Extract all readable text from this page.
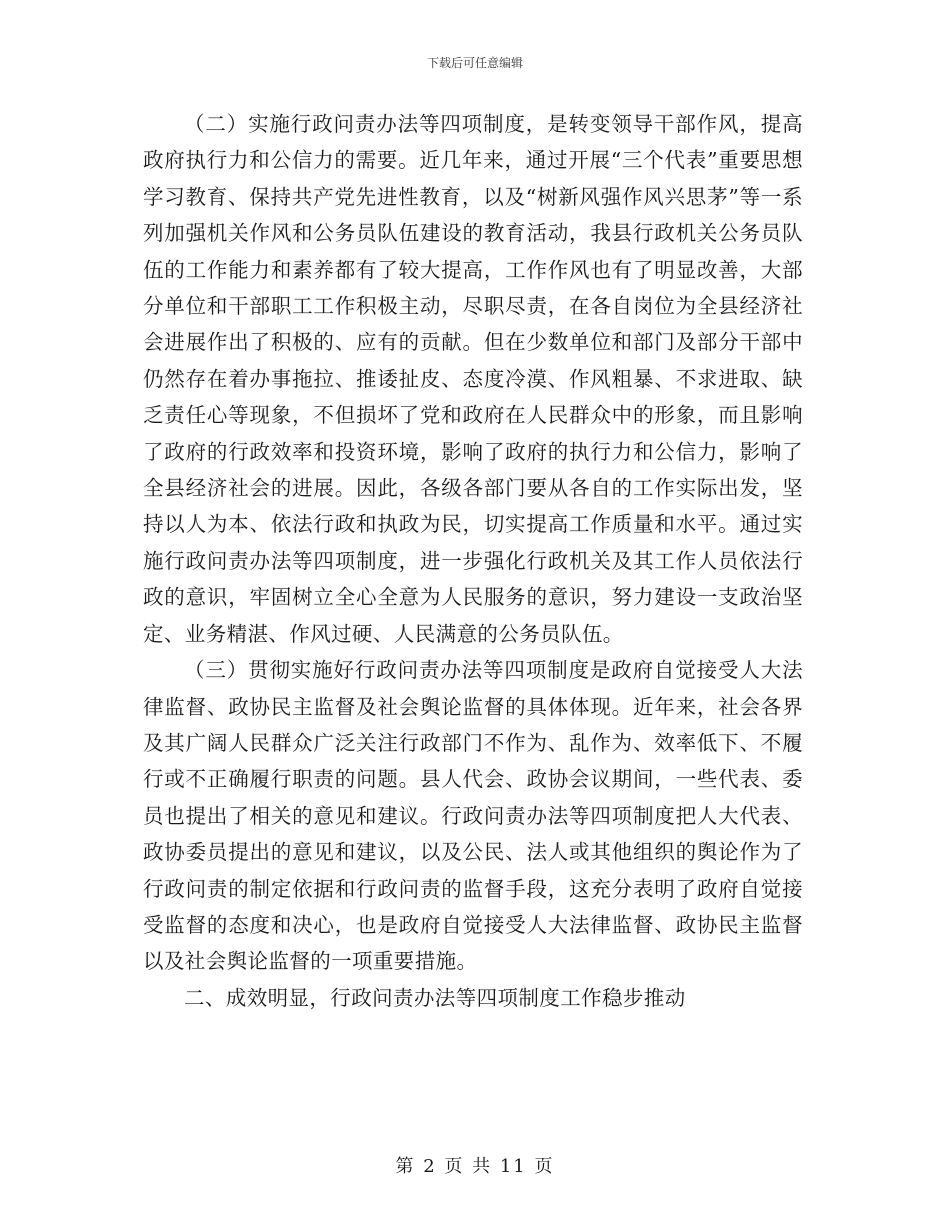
下载后可任意编辑

（二）实施行政问责办法等四项制度，是转变领导干部作风，提高政府执行力和公信力的需要。近几年来，通过开展“三个代表”重要思想学习教育、保持共产党先进性教育，以及“树新风强作风兴思茅”等一系列加强机关作风和公务员队伍建设的教育活动，我县行政机关公务员队伍的工作能力和素养都有了较大提高，工作作风也有了明显改善，大部分单位和干部职工工作积极主动，尽职尽责，在各自岗位为全县经济社会进展作出了积极的、应有的贡献。但在少数单位和部门及部分干部中仍然存在着办事拖拉、推诿扯皮、态度冷漠、作风粗暴、不求进取、缺乏责任心等现象，不但损坏了党和政府在人民群众中的形象，而且影响了政府的行政效率和投资环境，影响了政府的执行力和公信力，影响了全县经济社会的进展。因此，各级各部门要从各自的工作实际出发，坚持以人为本、依法行政和执政为民，切实提高工作质量和水平。通过实施行政问责办法等四项制度，进一步强化行政机关及其工作人员依法行政的意识，牢固树立全心全意为人民服务的意识，努力建设一支政治坚定、业务精湛、作风过硬、人民满意的公务员队伍。

（三）贯彻实施好行政问责办法等四项制度是政府自觉接受人大法律监督、政协民主监督及社会舆论监督的具体体现。近年来，社会各界及其广阔人民群众广泛关注行政部门不作为、乱作为、效率低下、不履行或不正确履行职责的问题。县人代会、政协会议期间，一些代表、委员也提出了相关的意见和建议。行政问责办法等四项制度把人大代表、政协委员提出的意见和建议，以及公民、法人或其他组织的舆论作为了行政问责的制定依据和行政问责的监督手段，这充分表明了政府自觉接受监督的态度和决心，也是政府自觉接受人大法律监督、政协民主监督以及社会舆论监督的一项重要措施。

二、成效明显，行政问责办法等四项制度工作稳步推动

第 2 页 共 11 页
